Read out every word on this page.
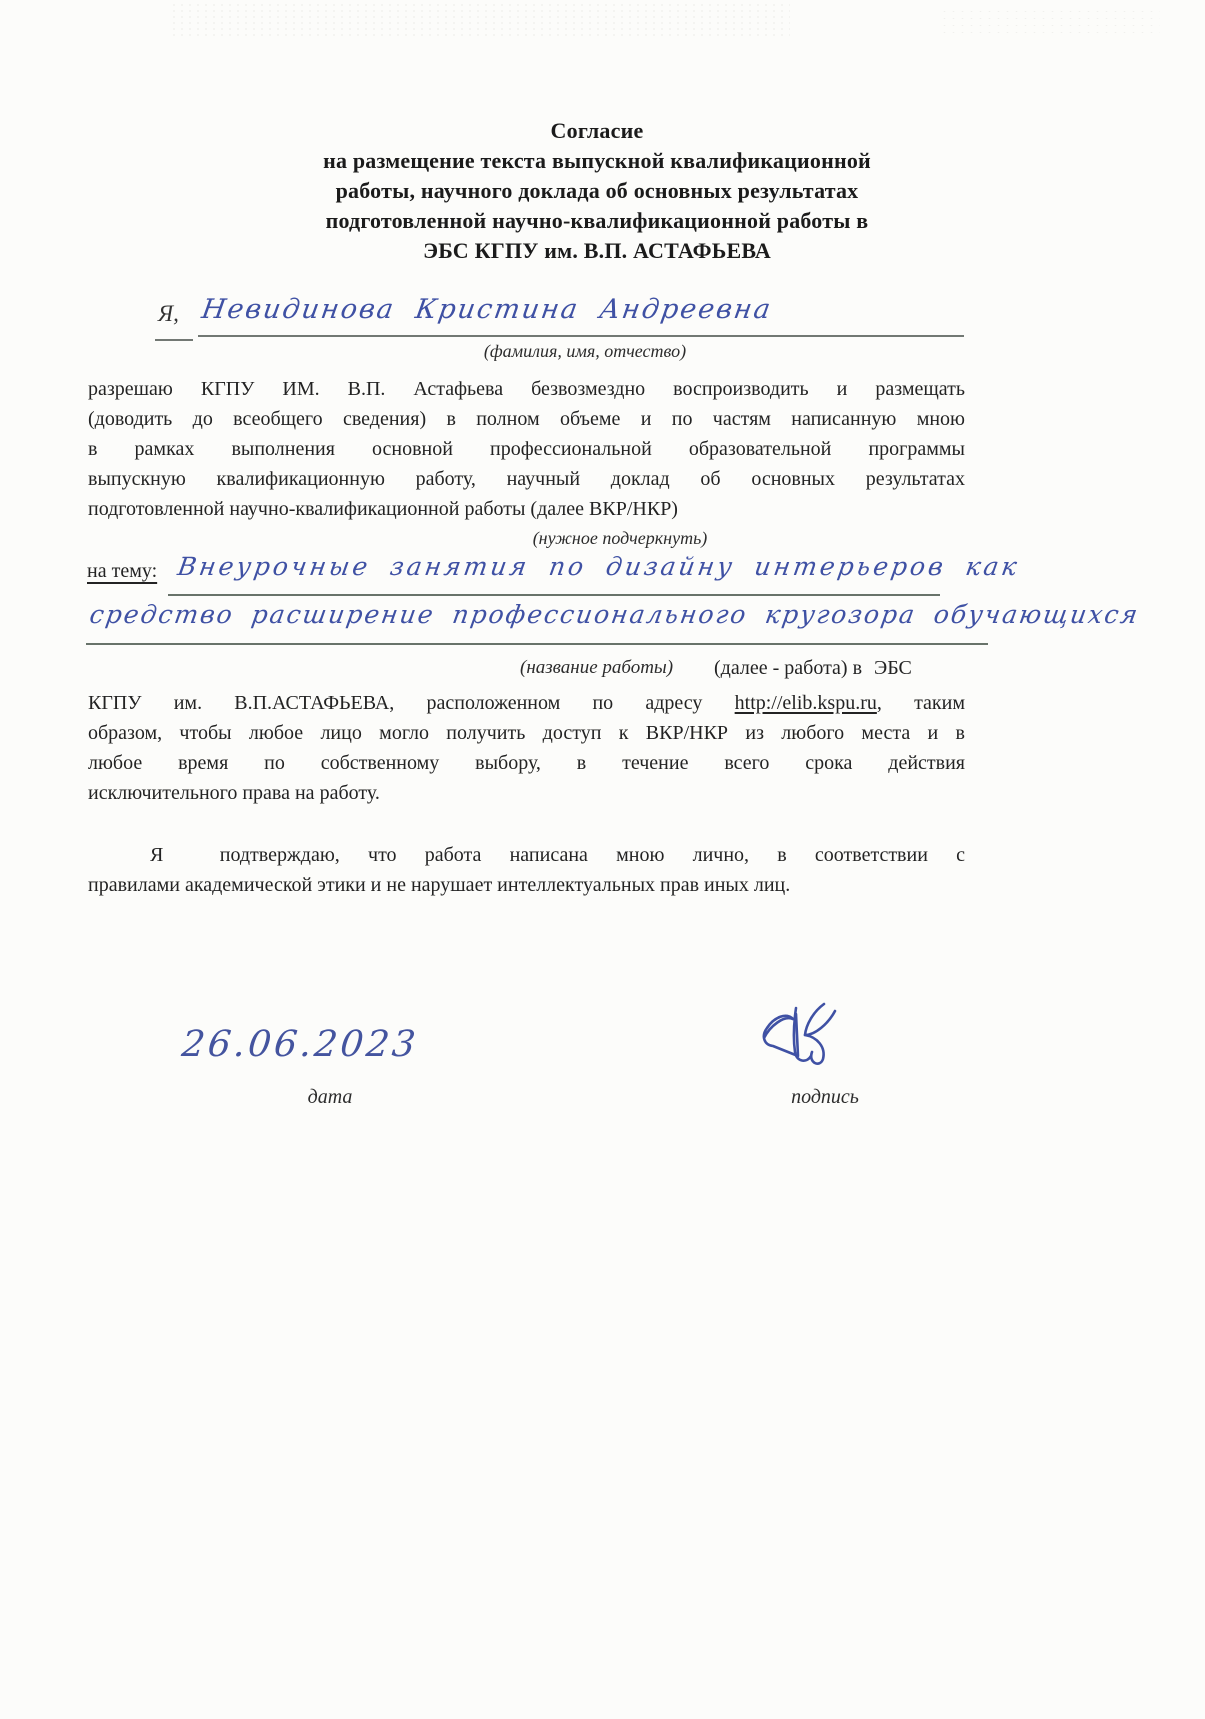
Согласие
на размещение текста выпускной квалификационной
работы, научного доклада об основных результатах
подготовленной научно-квалификационной работы в
ЭБС КГПУ им. В.П. АСТАФЬЕВА
Я, Невидинова Кристина Андреевна
(фамилия, имя, отчество)
разрешаю КГПУ ИМ. В.П. Астафьева безвозмездно воспроизводить и размещать
(доводить до всеобщего сведения) в полном объеме и по частям написанную мною
в рамках выполнения основной профессиональной образовательной программы
выпускную квалификационную работу, научный доклад об основных результатах
подготовленной научно-квалификационной работы (далее ВКР/НКР)
(нужное подчеркнуть)
на тему: Внеурочные занятия по дизайну интерьеров как
средство расширение профессионального кругозора обучающихся
(название работы) (далее - работа) в ЭБС
КГПУ им. В.П.АСТАФЬЕВА, расположенном по адресу http://elib.kspu.ru, таким
образом, чтобы любое лицо могло получить доступ к ВКР/НКР из любого места и в
любое время по собственному выбору, в течение всего срока действия
исключительного права на работу.
Я  подтверждаю, что работа написана мною лично, в соответствии с
правилами академической этики и не нарушает интеллектуальных прав иных лиц.
26.06.2023
дата	подпись
